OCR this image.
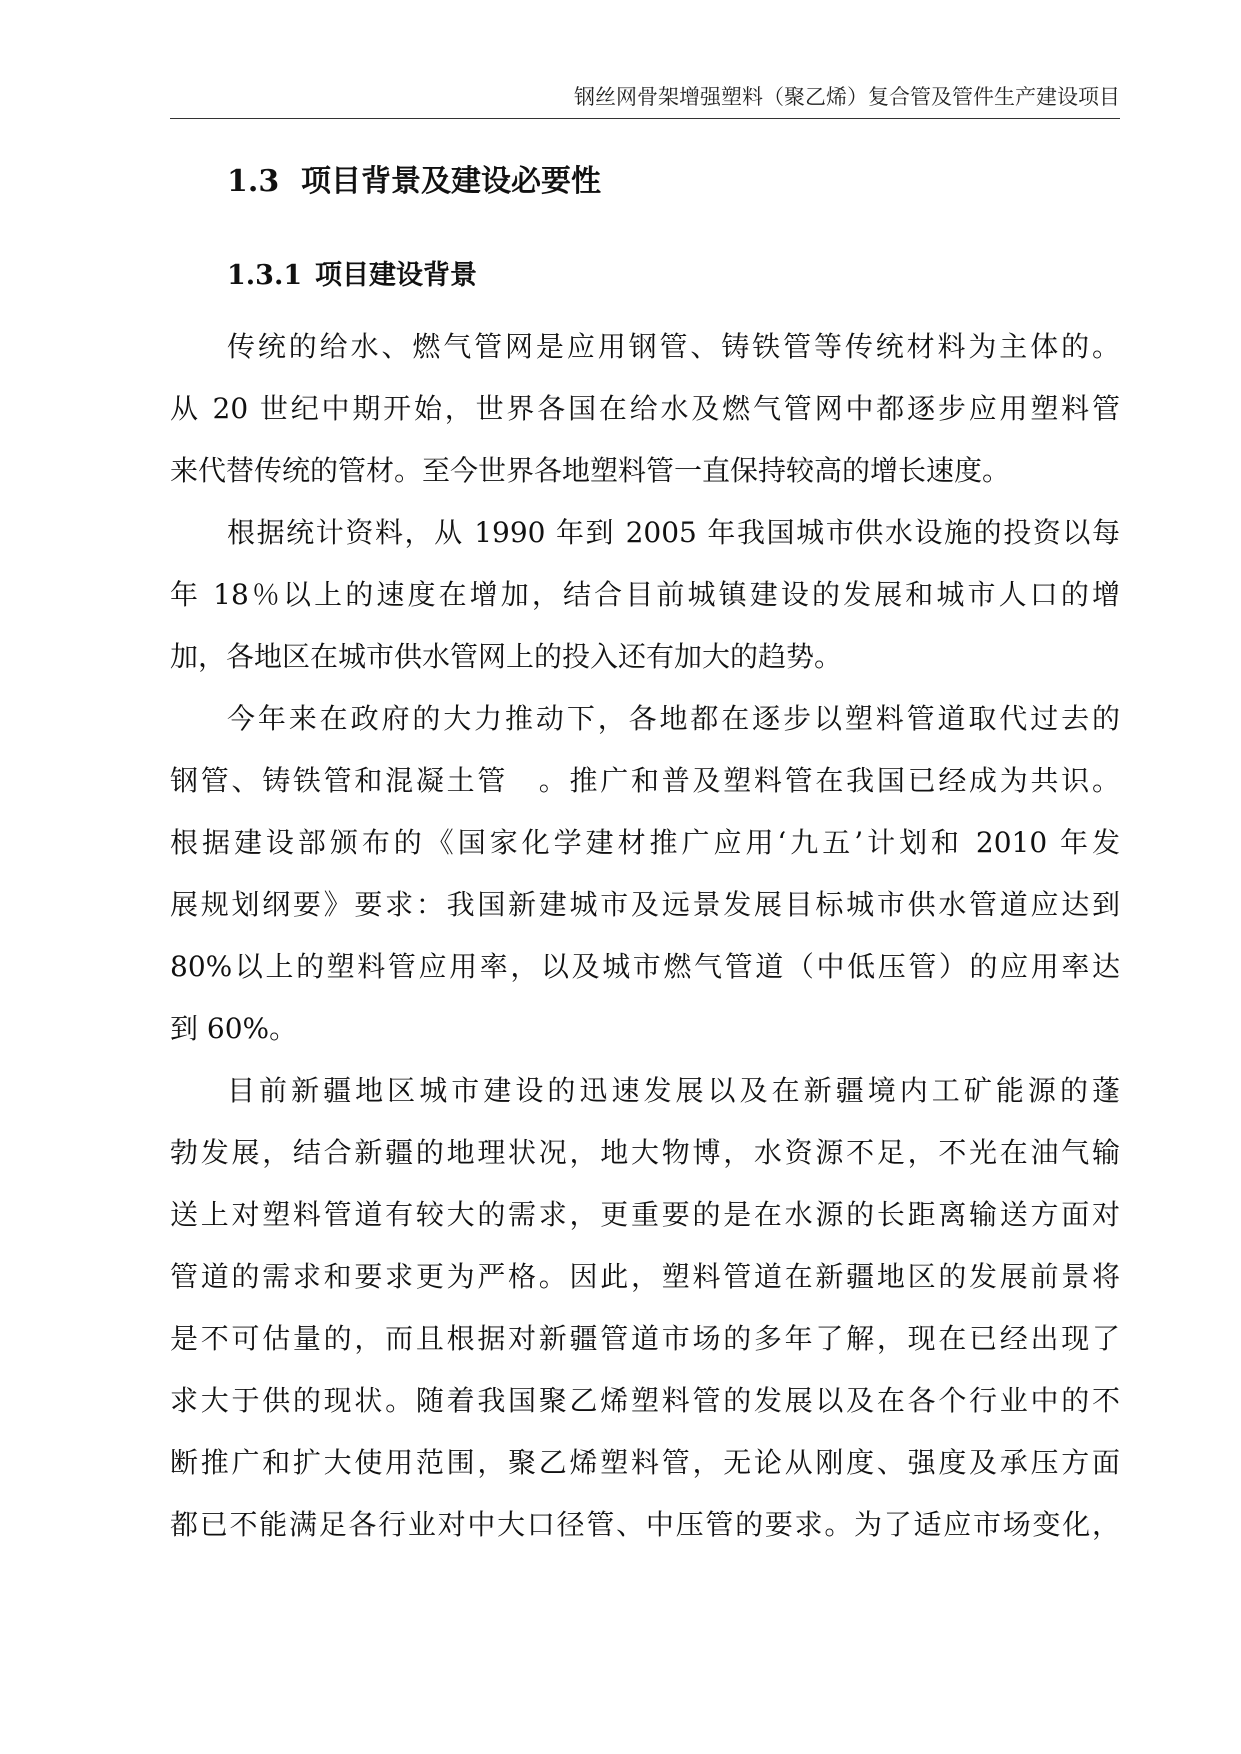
钢丝网骨架增强塑料（聚乙烯）复合管及管件生产建设项目
1.3 项目背景及建设必要性
1.3.1 项目建设背景
传统的给水、燃气管网是应用钢管、铸铁管等传统材料为主体的。
从 20 世纪中期开始，世界各国在给水及燃气管网中都逐步应用塑料管
来代替传统的管材。至今世界各地塑料管一直保持较高的增长速度。
根据统计资料，从 1990 年到 2005 年我国城市供水设施的投资以每
年 18％以上的速度在增加，结合目前城镇建设的发展和城市人口的增
加，各地区在城市供水管网上的投入还有加大的趋势。
今年来在政府的大力推动下，各地都在逐步以塑料管道取代过去的
钢管、铸铁管和混凝土管　。推广和普及塑料管在我国已经成为共识。
根据建设部颁布的《国家化学建材推广应用‘九五’计划和 2010 年发
展规划纲要》要求：我国新建城市及远景发展目标城市供水管道应达到
80%以上的塑料管应用率，以及城市燃气管道（中低压管）的应用率达
到 60%。
目前新疆地区城市建设的迅速发展以及在新疆境内工矿能源的蓬
勃发展，结合新疆的地理状况，地大物博，水资源不足，不光在油气输
送上对塑料管道有较大的需求，更重要的是在水源的长距离输送方面对
管道的需求和要求更为严格。因此，塑料管道在新疆地区的发展前景将
是不可估量的，而且根据对新疆管道市场的多年了解，现在已经出现了
求大于供的现状。随着我国聚乙烯塑料管的发展以及在各个行业中的不
断推广和扩大使用范围，聚乙烯塑料管，无论从刚度、强度及承压方面
都已不能满足各行业对中大口径管、中压管的要求。为了适应市场变化，
